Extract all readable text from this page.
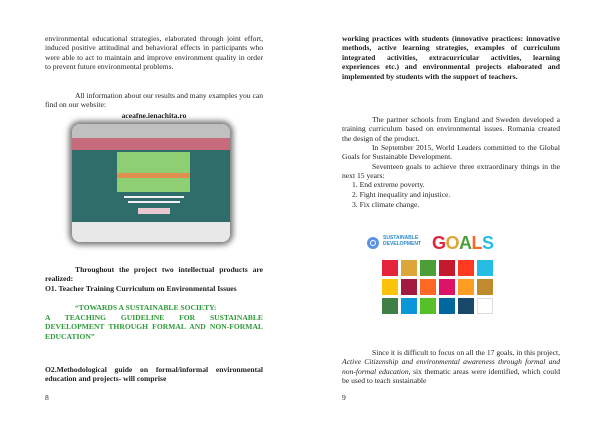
environmental educational strategies, elaborated through joint effort, induced positive attitudinal and behavioral effects in participants who were able to act to maintain and improve environment quality in order to prevent future environmental problems.

All information about our results and many examples you can find on our website:

aceafne.ienachita.ro

Throughout the project two intellectual products are realized:

O1. Teacher Training Curriculum on Environmental Issues

“TOWARDS A SUSTAINABLE SOCIETY:

A TEACHING GUIDELINE FOR SUSTAINABLE DEVELOPMENT THROUGH FORMAL AND NON-FORMAL EDUCATION”

O2.Methodological guide on formal/informal environmental education and projects- will comprise

8

working practices with students (innovative practices: innovative methods, active learning strategies, examples of curriculum integrated activities, extracurricular activities, learning experiences etc.) and environmental projects elaborated and implemented by students with the support of teachers.

The partner schools from England and Sweden developed a training curriculum based on environmental issues. Romania created the design of the product.

In September 2015, World Leaders committed to the Global Goals for Sustainable Development.

Seventeen goals to achieve three extraordinary things in the next 15 years:

1. End extreme poverty.

2. Fight inequality and injustice.

3. Fix climate change.

Since it is difficult to focus on all the 17 goals, in this project, Active Citizenship and environmental awareness through formal and non-formal education, six thematic areas were identified, which could be used to teach sustainable

9
SUSTAINABLE
DEVELOPMENT GOALS
